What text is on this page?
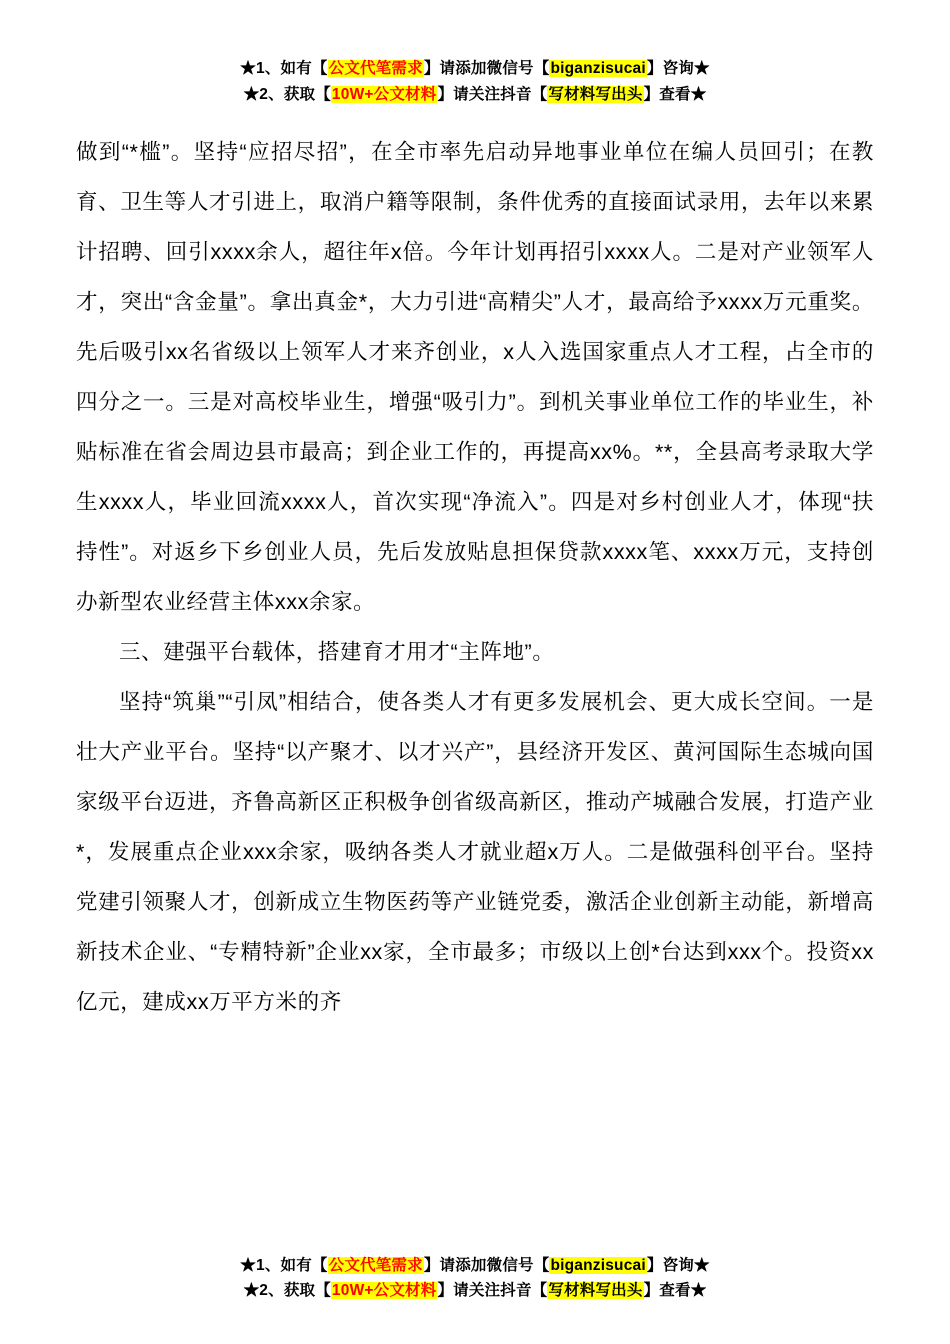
★1、如有【公文代笔需求】请添加微信号【biganzisucai】咨询★
★2、获取【10W+公文材料】请关注抖音【写材料写出头】查看★

做到“*槛”。坚持“应招尽招”，在全市率先启动异地事业单位在编人员回引；在教育、卫生等人才引进上，取消户籍等限制，条件优秀的直接面试录用，去年以来累计招聘、回引xxxx余人，超往年x倍。今年计划再招引xxxx人。二是对产业领军人才，突出“含金量”。拿出真金*，大力引进“高精尖”人才，最高给予xxxx万元重奖。先后吸引xx名省级以上领军人才来齐创业，x人入选国家重点人才工程，占全市的四分之一。三是对高校毕业生，增强“吸引力”。到机关事业单位工作的毕业生，补贴标准在省会周边县市最高；到企业工作的，再提高xx%。**，全县高考录取大学生xxxx人，毕业回流xxxx人，首次实现“净流入”。四是对乡村创业人才，体现“扶持性”。对返乡下乡创业人员，先后发放贴息担保贷款xxxx笔、xxxx万元，支持创办新型农业经营主体xxx余家。

三、建强平台载体，搭建育才用才“主阵地”。

坚持“筑巢”“引凤”相结合，使各类人才有更多发展机会、更大成长空间。一是壮大产业平台。坚持“以产聚才、以才兴产”，县经济开发区、黄河国际生态城向国家级平台迈进，齐鲁高新区正积极争创省级高新区，推动产城融合发展，打造产业*，发展重点企业xxx余家，吸纳各类人才就业超x万人。二是做强科创平台。坚持党建引领聚人才，创新成立生物医药等产业链党委，激活企业创新主动能，新增高新技术企业、“专精特新”企业xx家，全市最多；市级以上创*台达到xxx个。投资xx亿元，建成xx万平方米的齐

★1、如有【公文代笔需求】请添加微信号【biganzisucai】咨询★
★2、获取【10W+公文材料】请关注抖音【写材料写出头】查看★
